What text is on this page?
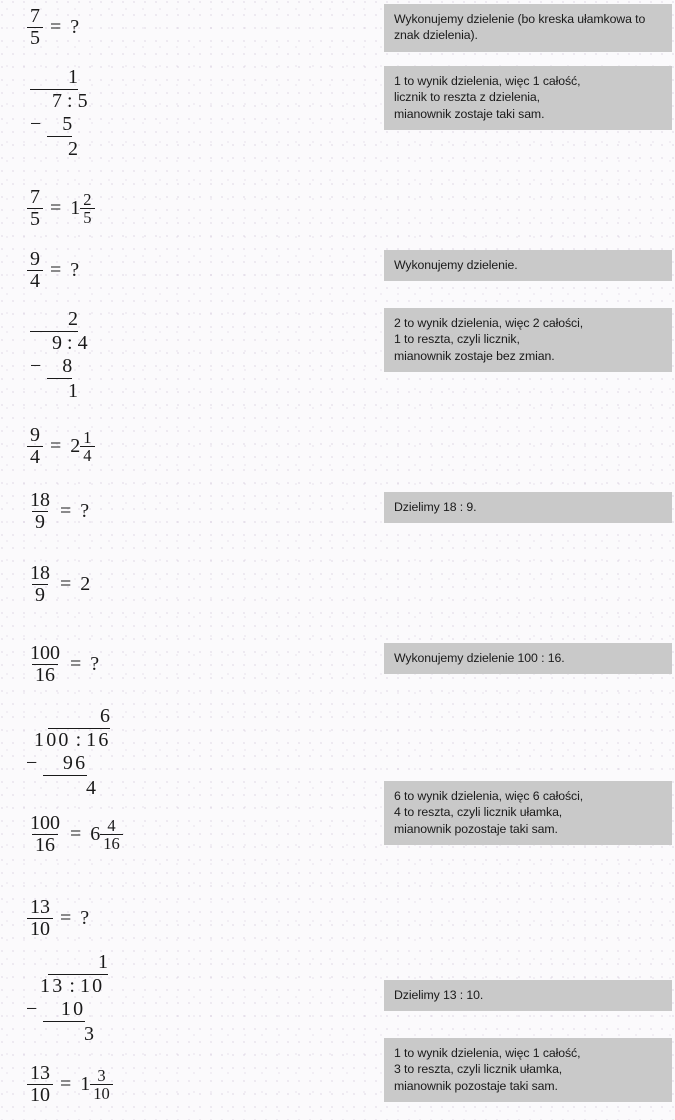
Wykonujemy dzielenie (bo kreska ułamkowa to
znak dzielenia).
1 to wynik dzielenia, więc 1 całość,
licznik to reszta z dzielenia,
mianownik zostaje taki sam.
Wykonujemy dzielenie.
2 to wynik dzielenia, więc 2 całości,
1 to reszta, czyli licznik,
mianownik zostaje bez zmian.
Dzielimy 18 : 9.
Wykonujemy dzielenie 100 : 16.
6 to wynik dzielenia, więc 6 całości,
4 to reszta, czyli licznik ułamka,
mianownik pozostaje taki sam.
Dzielimy 13 : 10.
1 to wynik dzielenia, więc 1 całość,
3 to reszta, czyli licznik ułamka,
mianownik pozostaje taki sam.
$\frac{7}{5}$ = ?
1
7 : 5
−	5
2
$\frac{7}{5} = 1 \frac{2}{5}$
$\frac{9}{4}$ = ?
2
9 : 4
−	8
1
$\frac{9}{4} = 2 \frac{1}{4}$
$\frac{18}{9}$ = ?
$\frac{18}{9} = 2$
$\frac{100}{16}$ = ?
6
100 : 16
−	96
4
$\frac{100}{16} = 6 \frac{4}{16}$
$\frac{13}{10}$ = ?
1
13 : 10
−	10
3
$\frac{13}{10} = 1 \frac{3}{10}$
